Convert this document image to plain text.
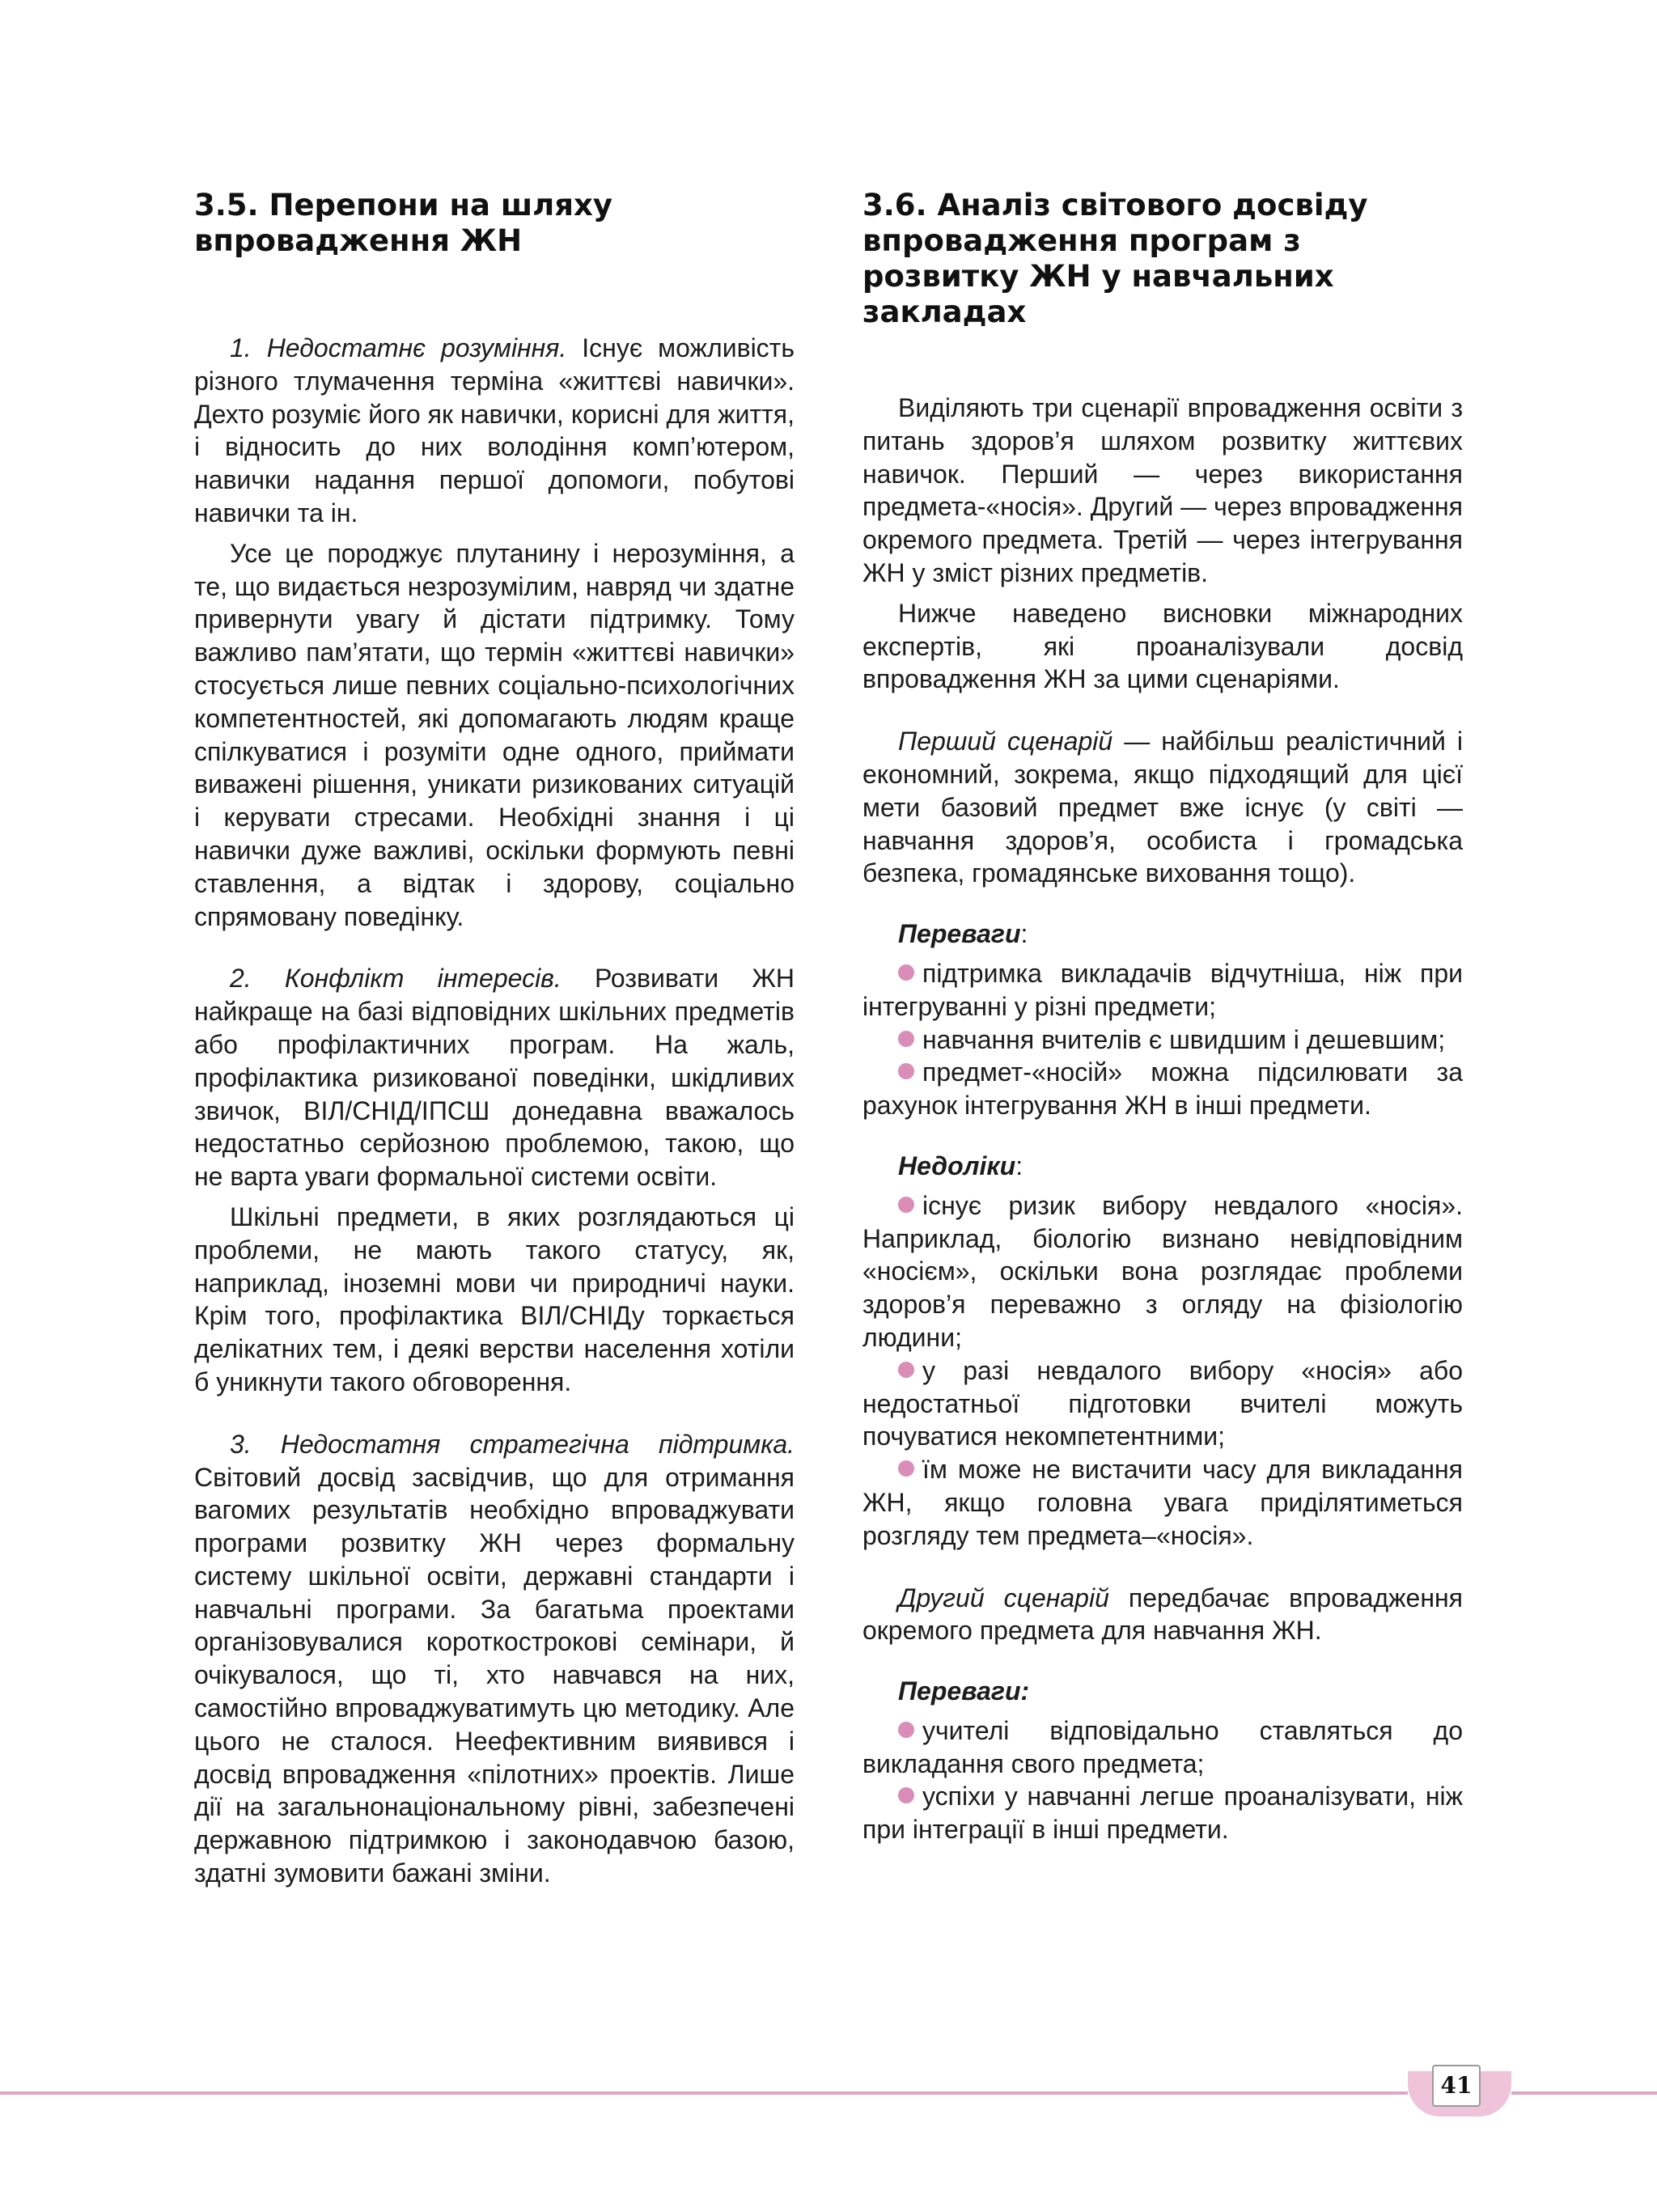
3.5. Перепони на шляху впровадження ЖН

1. Недостатнє розуміння. Існує можливість різного тлумачення терміна «життєві навички». Дехто розуміє його як навички, корисні для життя, і відносить до них володіння комп’ютером, навички надання першої допомоги, побутові навички та ін.

Усе це породжує плутанину і нерозуміння, а те, що видається незрозумілим, навряд чи здатне привернути увагу й дістати підтримку. Тому важливо пам’ятати, що термін «життєві навички» стосується лише певних соціально-психологічних компетентностей, які допомагають людям краще спілкуватися і розуміти одне одного, приймати виважені рішення, уникати ризикованих ситуацій і керувати стресами. Необхідні знання і ці навички дуже важливі, оскільки формують певні ставлення, а відтак і здорову, соціально спрямовану поведінку.

2. Конфлікт інтересів. Розвивати ЖН найкраще на базі відповідних шкільних предметів або профілактичних програм. На жаль, профілактика ризикованої поведінки, шкідливих звичок, ВІЛ/СНІД/ІПСШ донедавна вважалось недостатньо серйозною проблемою, такою, що не варта уваги формальної системи освіти.

Шкільні предмети, в яких розглядаються ці проблеми, не мають такого статусу, як, наприклад, іноземні мови чи природничі науки. Крім того, профілактика ВІЛ/СНІДу торкається делікатних тем, і деякі верстви населення хотіли б уникнути такого обговорення.

3. Недостатня стратегічна підтримка. Світовий досвід засвідчив, що для отримання вагомих результатів необхідно впроваджувати програми розвитку ЖН через формальну систему шкільної освіти, державні стандарти і навчальні програми. За багатьма проектами організовувалися короткострокові семінари, й очікувалося, що ті, хто навчався на них, самостійно впроваджуватимуть цю методику. Але цього не сталося. Неефективним виявився і досвід впровадження «пілотних» проектів. Лише дії на загальнонаціональному рівні, забезпечені державною підтримкою і законодавчою базою, здатні зумовити бажані зміни.

3.6. Аналіз світового досвіду впровадження програм з розвитку ЖН у навчальних закладах

Виділяють три сценарії впровадження освіти з питань здоров’я шляхом розвитку життєвих навичок. Перший — через використання предмета-«носія». Другий — через впровадження окремого предмета. Третій — через інтегрування ЖН у зміст різних предметів.

Нижче наведено висновки міжнародних експертів, які проаналізували досвід впровадження ЖН за цими сценаріями.

Перший сценарій — найбільш реалістичний і економний, зокрема, якщо підходящий для цієї мети базовий предмет вже існує (у світі — навчання здоров’я, особиста і громадська безпека, громадянське виховання тощо).

Переваги:
підтримка викладачів відчутніша, ніж при інтегруванні у різні предмети;
навчання вчителів є швидшим і дешевшим;
предмет-«носій» можна підсилювати за рахунок інтегрування ЖН в інші предмети.
Недоліки:
існує ризик вибору невдалого «носія». Наприклад, біологію визнано невідповідним «носієм», оскільки вона розглядає проблеми здоров’я переважно з огляду на фізіологію людини;
у разі невдалого вибору «носія» або недостатньої підготовки вчителі можуть почуватися некомпетентними;
їм може не вистачити часу для викладання ЖН, якщо головна увага приділятиметься розгляду тем предмета–«носія».

Другий сценарій передбачає впровадження окремого предмета для навчання ЖН.

Переваги:
учителі відповідально ставляться до викладання свого предмета;
успіхи у навчанні легше проаналізувати, ніж при інтеграції в інші предмети.
41
